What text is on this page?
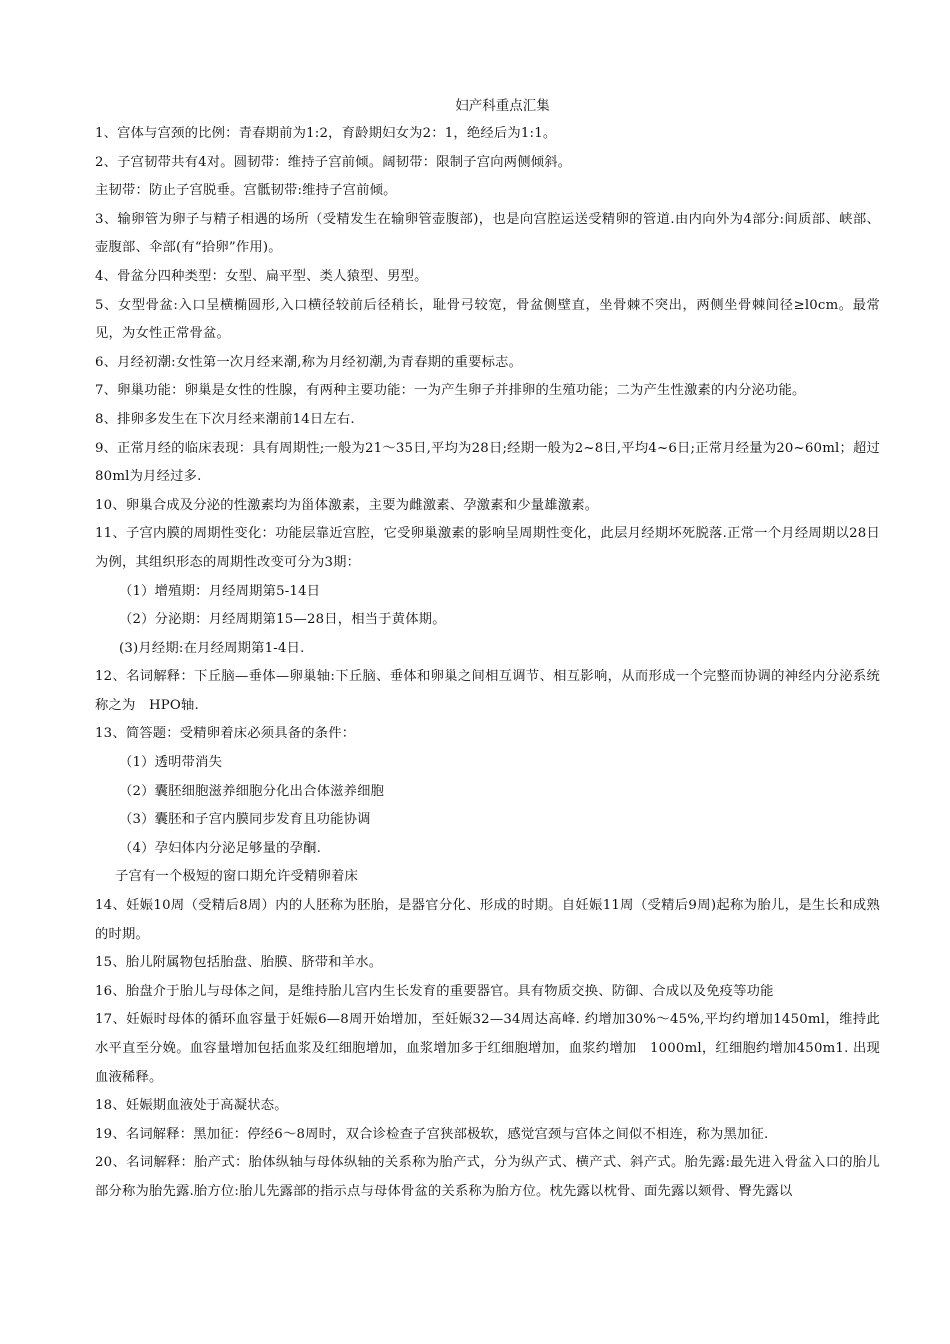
妇产科重点汇集

1、宫体与宫颈的比例：青春期前为1:2，育龄期妇女为2：1，绝经后为1:1。

2、子宫韧带共有4对。圆韧带：维持子宫前倾。阔韧带：限制子宫向两侧倾斜。

主韧带：防止子宫脱垂。宫骶韧带:维持子宫前倾。

3、输卵管为卵子与精子相遇的场所（受精发生在输卵管壶腹部)，也是向宫腔运送受精卵的管道.由内向外为4部分:间质部、峡部、壶腹部、伞部(有“拾卵”作用)。

4、骨盆分四种类型：女型、扁平型、类人猿型、男型。

5、女型骨盆:入口呈横椭圆形,入口横径较前后径稍长，耻骨弓较宽，骨盆侧壁直，坐骨棘不突出，两侧坐骨棘间径≥l0cm。最常见，为女性正常骨盆。

6、月经初潮:女性第一次月经来潮,称为月经初潮,为青春期的重要标志。

7、卵巢功能：卵巢是女性的性腺，有两种主要功能：一为产生卵子并排卵的生殖功能；二为产生性激素的内分泌功能。

8、排卵多发生在下次月经来潮前14日左右.

9、正常月经的临床表现：具有周期性;一般为21～35日,平均为28日;经期一般为2~8日,平均4~6日;正常月经量为20~60ml；超过80ml为月经过多.

10、卵巢合成及分泌的性激素均为甾体激素，主要为雌激素、孕激素和少量雄激素。

11、子宫内膜的周期性变化：功能层靠近宫腔，它受卵巢激素的影响呈周期性变化，此层月经期坏死脱落.正常一个月经周期以28日为例，其组织形态的周期性改变可分为3期：

（1）增殖期：月经周期第5-14日

（2）分泌期：月经周期第15—28日，相当于黄体期。

(3)月经期:在月经周期第1-4日.

12、名词解释：下丘脑—垂体—卵巢轴:下丘脑、垂体和卵巢之间相互调节、相互影响，从而形成一个完整而协调的神经内分泌系统称之为　HPO轴.

13、简答题：受精卵着床必须具备的条件：

（1）透明带消失

（2）囊胚细胞滋养细胞分化出合体滋养细胞

（3）囊胚和子宫内膜同步发育且功能协调

（4）孕妇体内分泌足够量的孕酮.

子宫有一个极短的窗口期允许受精卵着床

14、妊娠10周（受精后8周）内的人胚称为胚胎，是器官分化、形成的时期。自妊娠11周（受精后9周)起称为胎儿，是生长和成熟的时期。

15、胎儿附属物包括胎盘、胎膜、脐带和羊水。

16、胎盘介于胎儿与母体之间，是维持胎儿宫内生长发育的重要器官。具有物质交换、防御、合成以及免疫等功能

17、妊娠时母体的循环血容量于妊娠6—8周开始增加，至妊娠32—34周达高峰. 约增加30%～45%,平均约增加1450ml，维持此水平直至分娩。血容量增加包括血浆及红细胞增加，血浆增加多于红细胞增加，血浆约增加　1000ml，红细胞约增加450m1. 出现血液稀释。

18、妊娠期血液处于高凝状态。

19、名词解释：黑加征：停经6～8周时，双合诊检查子宫狭部极软，感觉宫颈与宫体之间似不相连，称为黑加征.

20、名词解释：胎产式：胎体纵轴与母体纵轴的关系称为胎产式，分为纵产式、横产式、斜产式。胎先露:最先进入骨盆入口的胎儿部分称为胎先露.胎方位:胎儿先露部的指示点与母体骨盆的关系称为胎方位。枕先露以枕骨、面先露以颏骨、臀先露以
